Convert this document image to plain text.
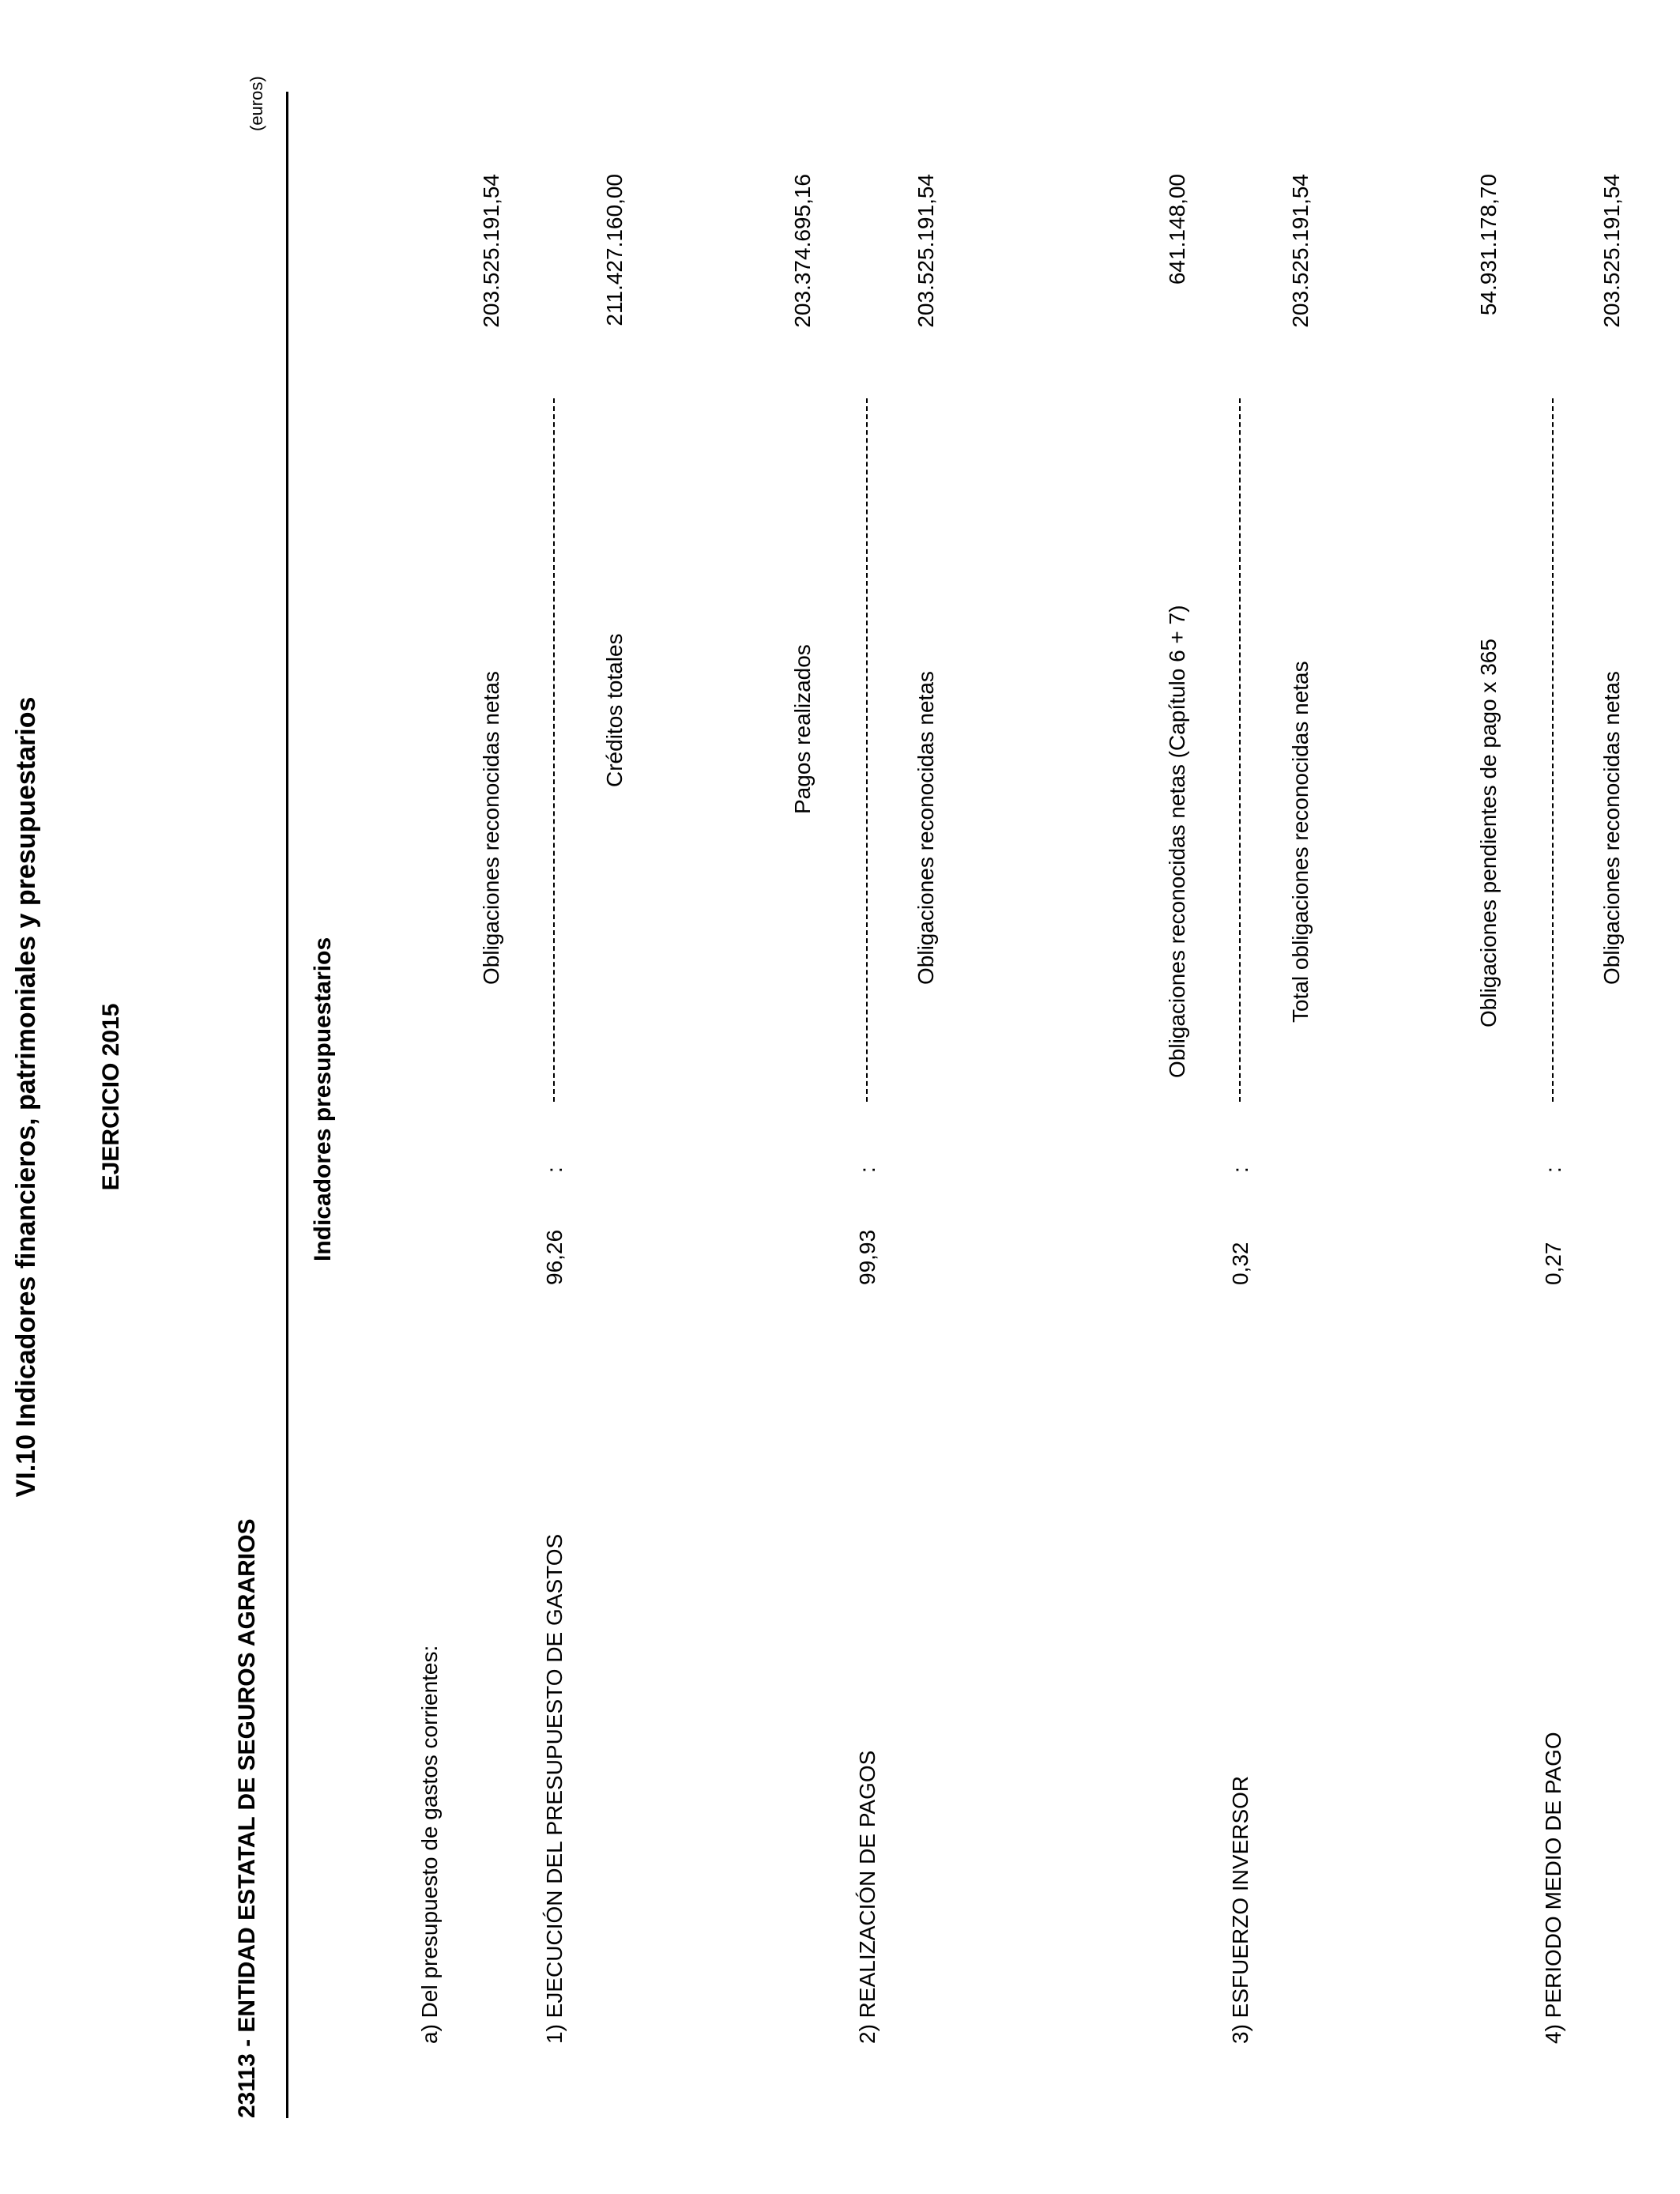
VI.10 Indicadores financieros, patrimoniales y presupuestarios EJERCICIO 2015
23113 - ENTIDAD ESTATAL DE SEGUROS AGRARIOS
(euros)
Indicadores presupuestarios
a) Del presupuesto de gastos corrientes:	1) EJECUCIÓN DEL PRESUPUESTO DE GASTOS
96,26
:
Obligaciones reconocidas netas	Créditos totales
203.525.191,54	211.427.160,00
2) REALIZACIÓN DE PAGOS
99,93
:
Pagos realizados	Obligaciones reconocidas netas
203.374.695,16	203.525.191,54
3) ESFUERZO INVERSOR
0,32
:
Obligaciones reconocidas netas (Capítulo 6 + 7)	Total obligaciones reconocidas netas
641.148,00	203.525.191,54
4) PERIODO MEDIO DE PAGO
0,27
:
Obligaciones pendientes de pago x 365	Obligaciones reconocidas netas
54.931.178,70	203.525.191,54
